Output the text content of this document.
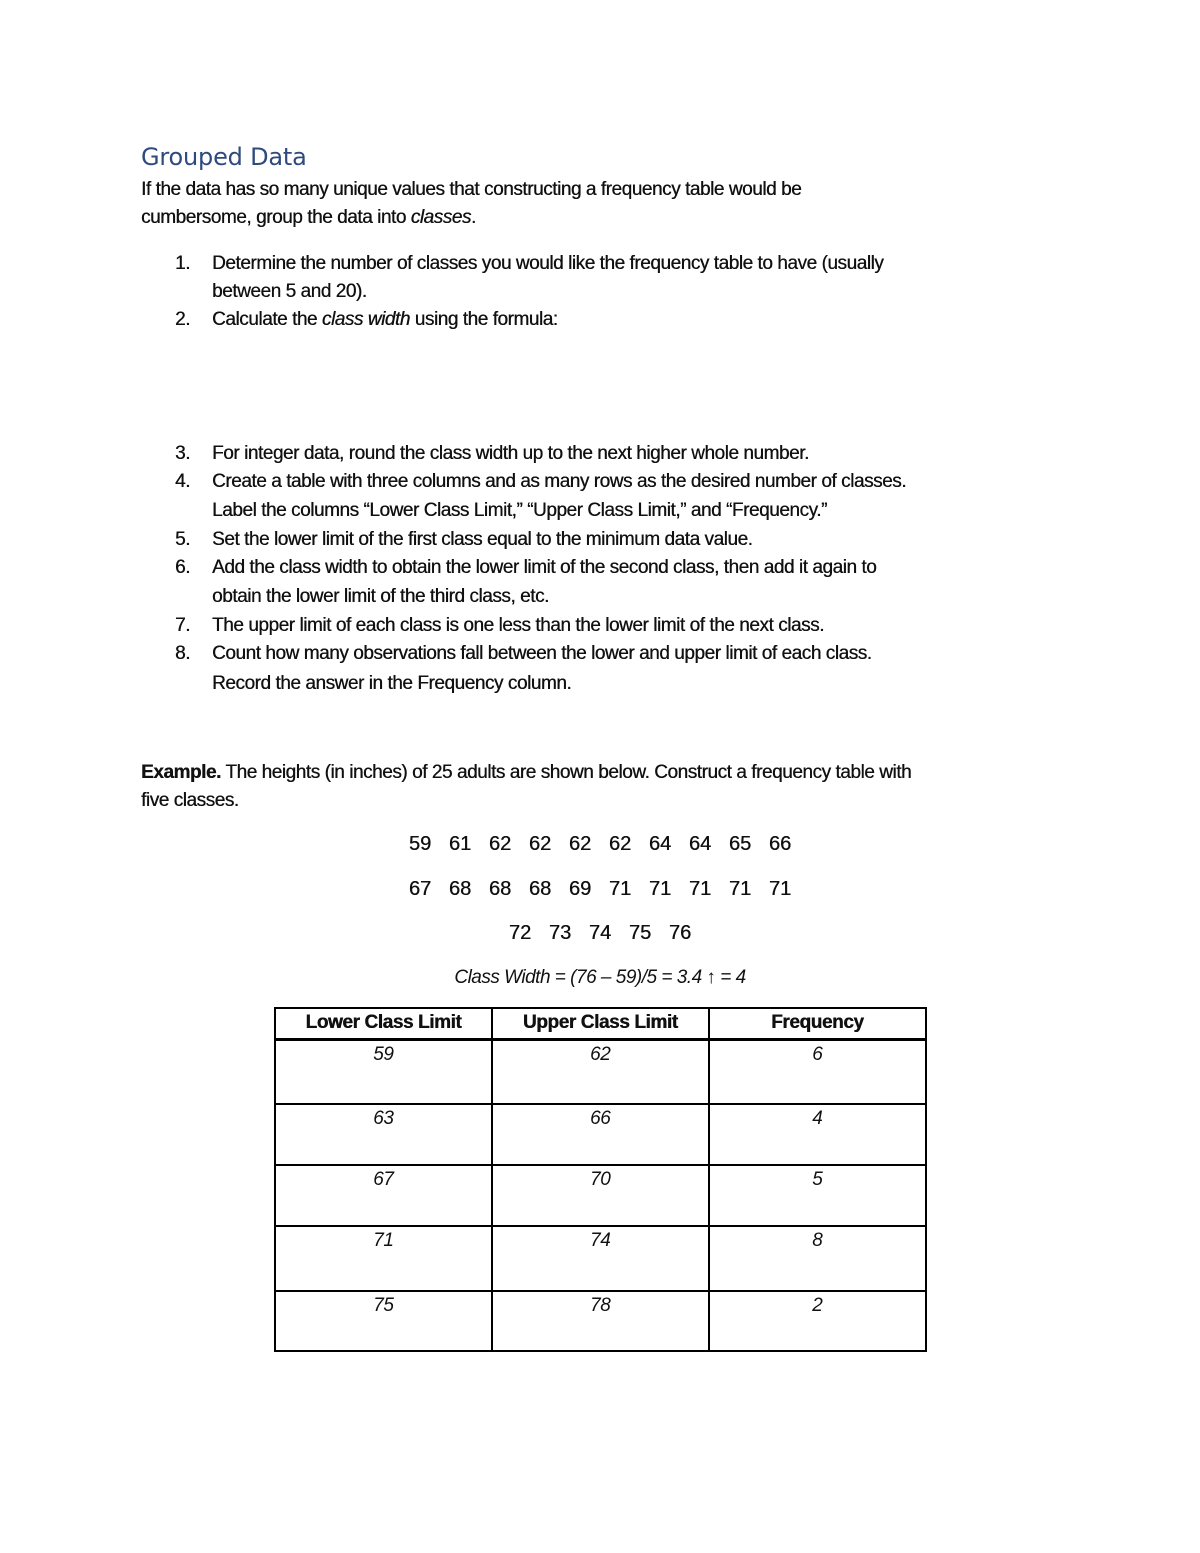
Grouped Data
If the data has so many unique values that constructing a frequency table would be
cumbersome, group the data into classes.
1. Determine the number of classes you would like the frequency table to have (usually
between 5 and 20).
2. Calculate the class width using the formula:
3. For integer data, round the class width up to the next higher whole number.
4. Create a table with three columns and as many rows as the desired number of classes.
Label the columns “Lower Class Limit,” “Upper Class Limit,” and “Frequency.”
5. Set the lower limit of the first class equal to the minimum data value.
6. Add the class width to obtain the lower limit of the second class, then add it again to
obtain the lower limit of the third class, etc.
7. The upper limit of each class is one less than the lower limit of the next class.
8. Count how many observations fall between the lower and upper limit of each class.
Record the answer in the Frequency column.
Example. The heights (in inches) of 25 adults are shown below. Construct a frequency table with
five classes.
59 61 62 62 62 62 64 64 65 66
67 68 68 68 69 71 71 71 71 71
72 73 74 75 76
Class Width = (76 – 59)/5 = 3.4 ↑ = 4
Lower Class Limit	Upper Class Limit	Frequency
59	62	6
63	66	4
67	70	5
71	74	8
75	78	2
